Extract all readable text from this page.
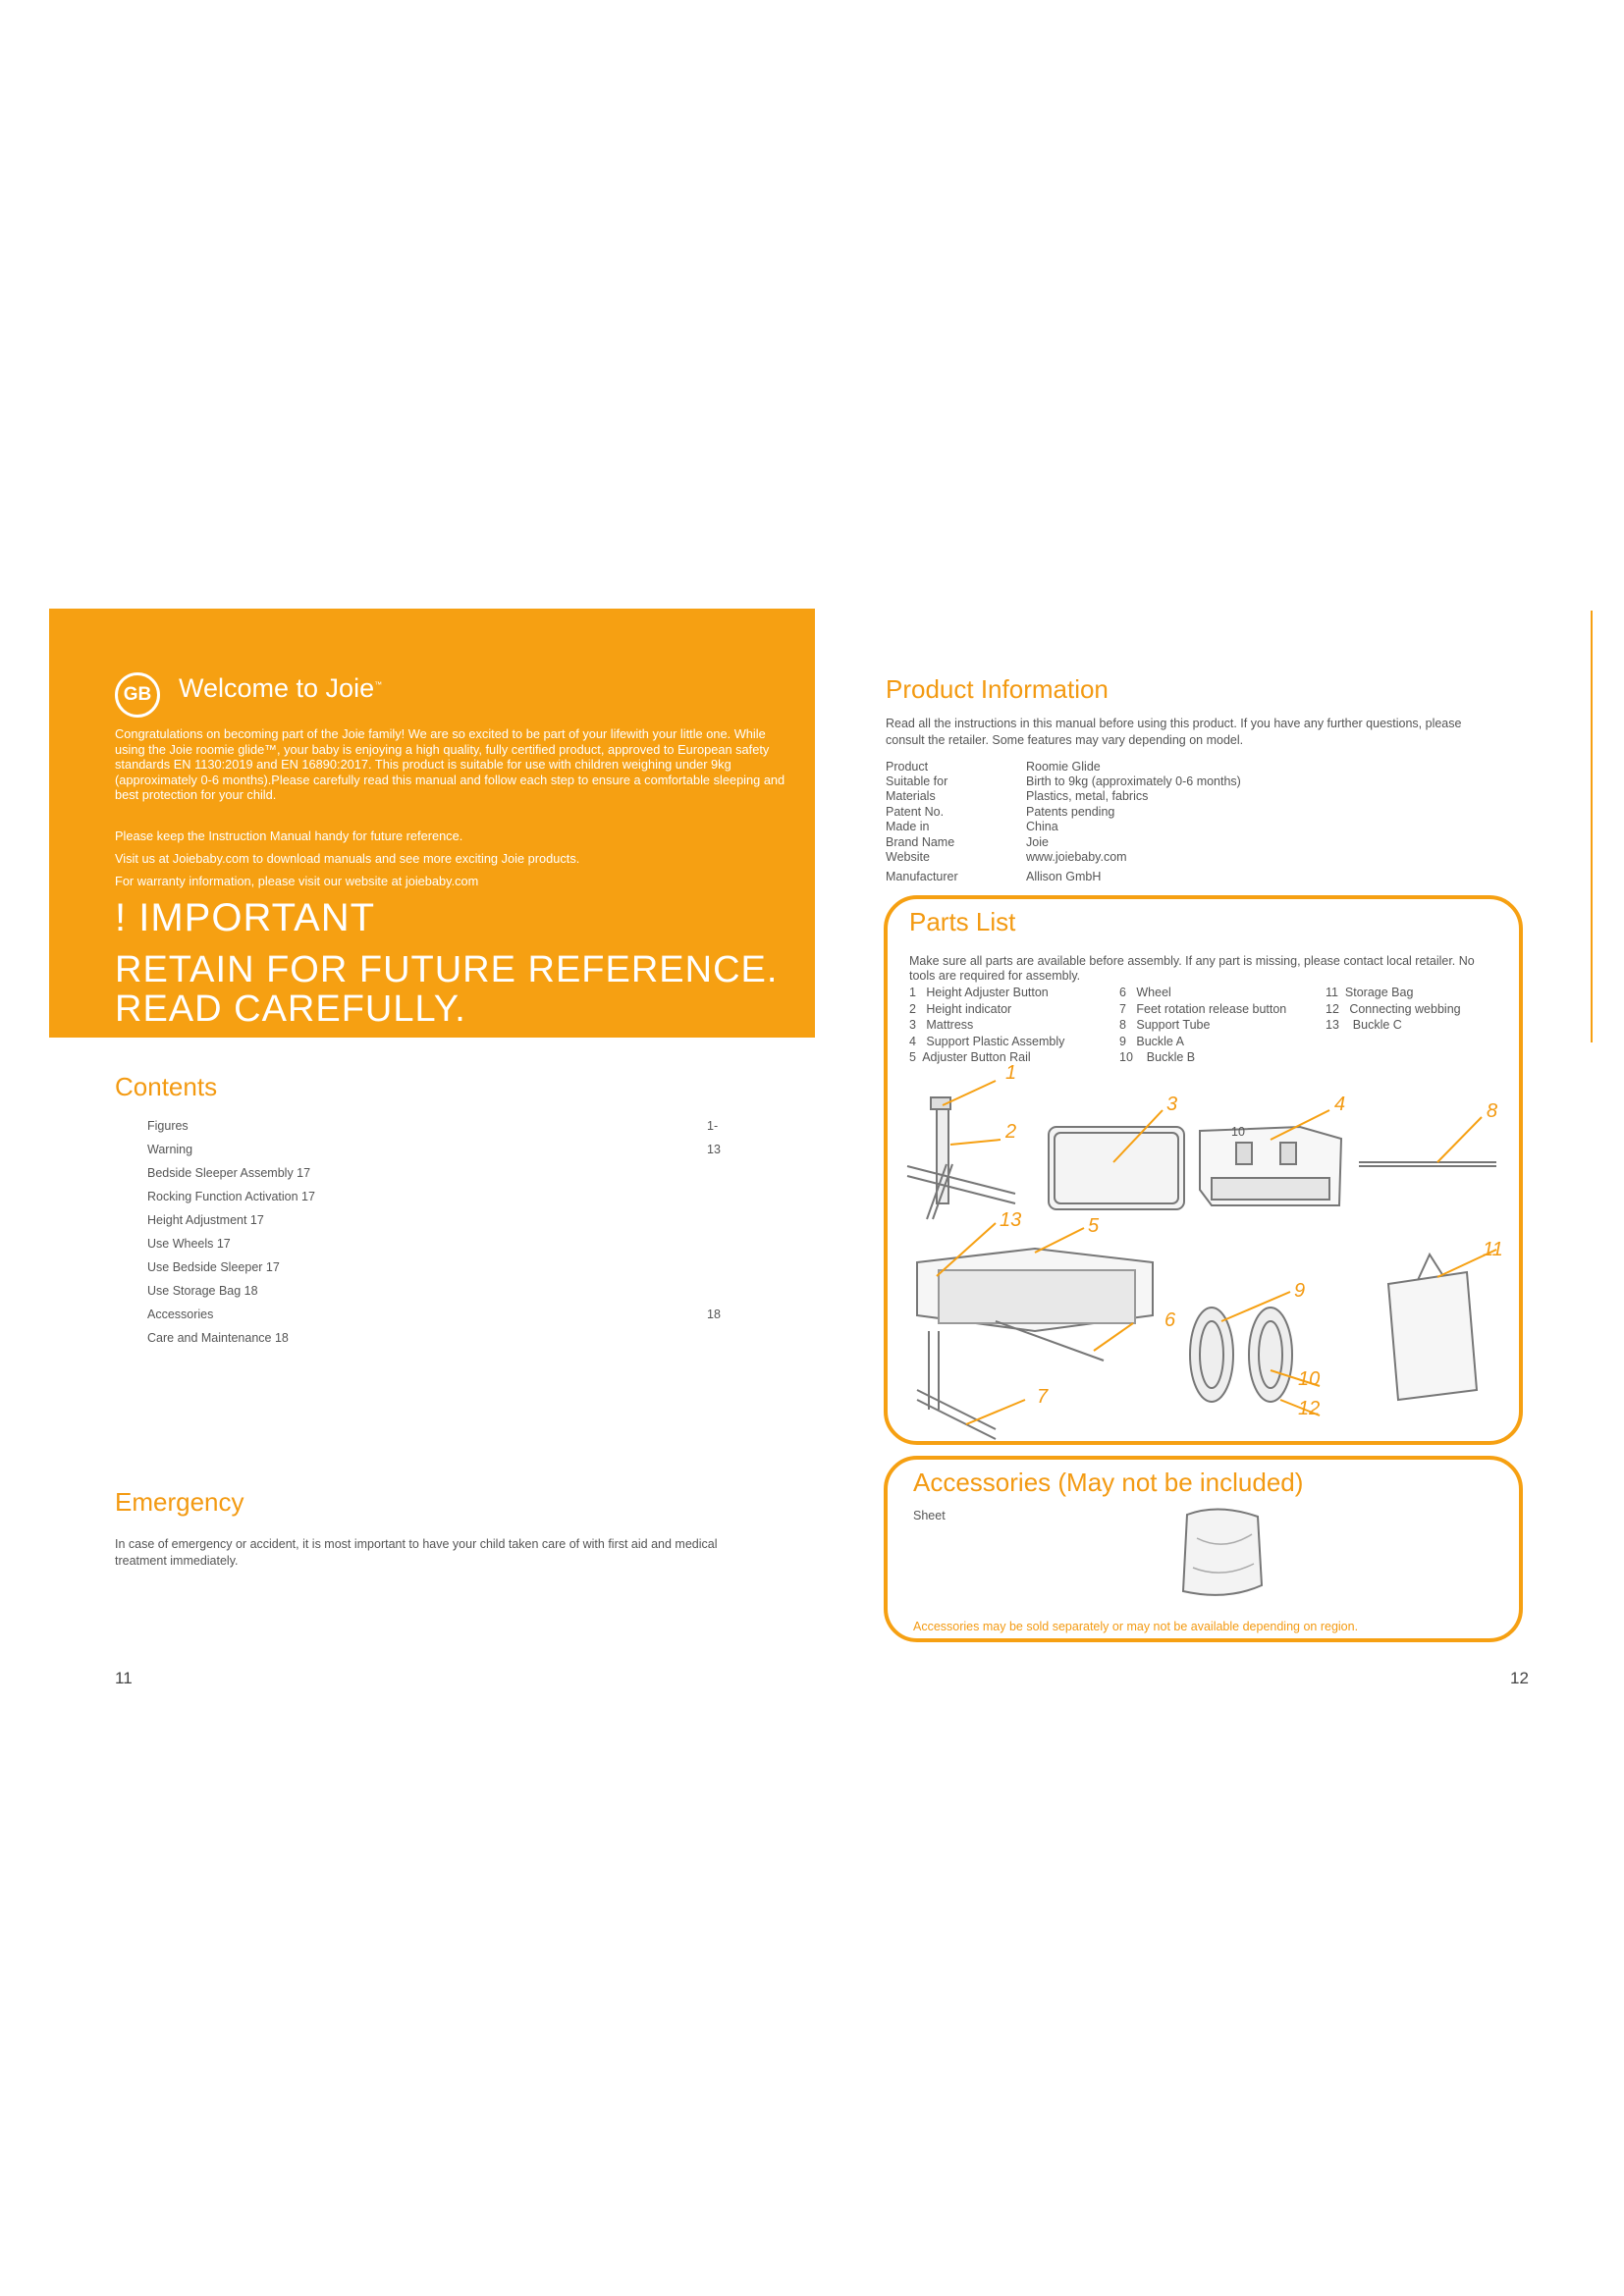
GB	Welcome to Joie™
Congratulations on becoming part of the Joie family! We are so excited to be part of your lifewith your little one. While using the Joie roomie glide™, your baby is enjoying a high quality, fully certified product, approved to European safety standards EN 1130:2019 and EN 16890:2017. This product is suitable for use with children weighing under 9kg (approximately 0-6 months).Please carefully read this manual and follow each step to ensure a comfortable sleeping and best protection for your child.
Please keep the Instruction Manual handy for future reference.
Visit us at Joiebaby.com to download manuals and see more exciting Joie products.
For warranty information, please visit our website at joiebaby.com
! IMPORTANT
RETAIN FOR FUTURE REFERENCE. READ CAREFULLY.
Contents
Figures	1-
Warning	13
Bedside Sleeper Assembly 17
Rocking Function Activation 17
Height Adjustment 17
Use Wheels 17
Use Bedside Sleeper 17
Use Storage Bag 18
Accessories	18
Care and Maintenance 18
Emergency
In case of emergency or accident, it is most important to have your child taken care of with first aid and medical treatment immediately.
11
Product Information
Read all the instructions in this manual before using this product. If you have any further questions, please consult the retailer. Some features may vary depending on model.
Product	Roomie Glide
Suitable for	Birth to 9kg (approximately 0-6 months)
Materials	Plastics, metal, fabrics
Patent No.	Patents pending
Made in	China
Brand Name	Joie
Website	www.joiebaby.com
Manufacturer	Allison GmbH
Parts List
Make sure all parts are available before assembly. If any part is missing, please contact local retailer. No tools are required for assembly.
1   Height Adjuster Button
2   Height indicator
3   Mattress
4   Support Plastic Assembly
5  Adjuster Button Rail
6   Wheel
7   Feet rotation release button
8   Support Tube
9   Buckle A
10    Buckle B
11  Storage Bag
12   Connecting webbing
13    Buckle C
1
2
3	4	8
10
13	5
11
9
6
10
7
12
Accessories (May not be included)
Sheet
Accessories may be sold separately or may not be available depending on region.
12
